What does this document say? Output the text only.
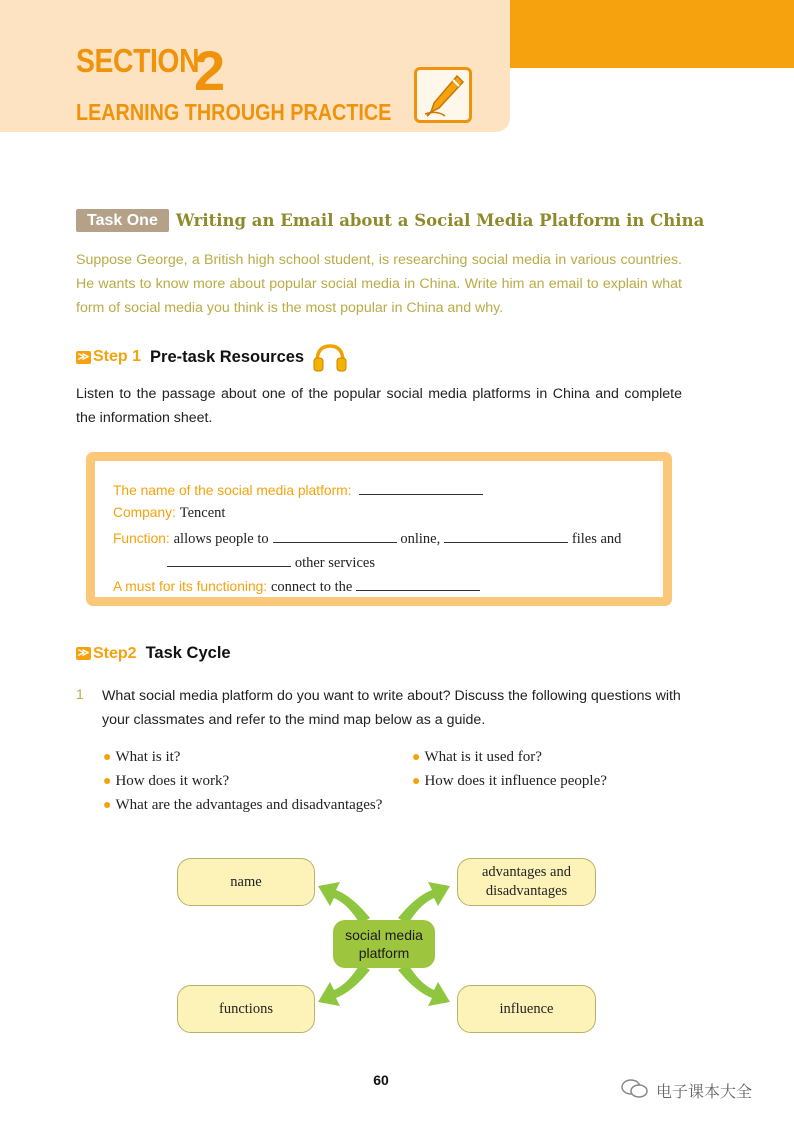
SECTION
2
LEARNING THROUGH PRACTICE
Task One	Writing an Email about a Social Media Platform in China

Suppose George, a British high school student, is researching social media in various countries. He wants to know more about popular social media in China. Write him an email to explain what form of social media you think is the most popular in China and why.

≫ Step 1 Pre-task Resources

Listen to the passage about one of the popular social media platforms in China and complete the information sheet.

The name of the social media platform:
Company: Tencent
Function: allows people to	online,	files and
other services
A must for its functioning: connect to the
≫ Step2 Task Cycle
1 What social media platform do you want to write about? Discuss the following questions with your classmates and refer to the mind map below as a guide.

● What is it?	● What is it used for?
● How does it work?	● How does it influence people?
● What are the advantages and disadvantages?
name
advantages and disadvantages
functions	influence
social media platform
60
电子课本大全
